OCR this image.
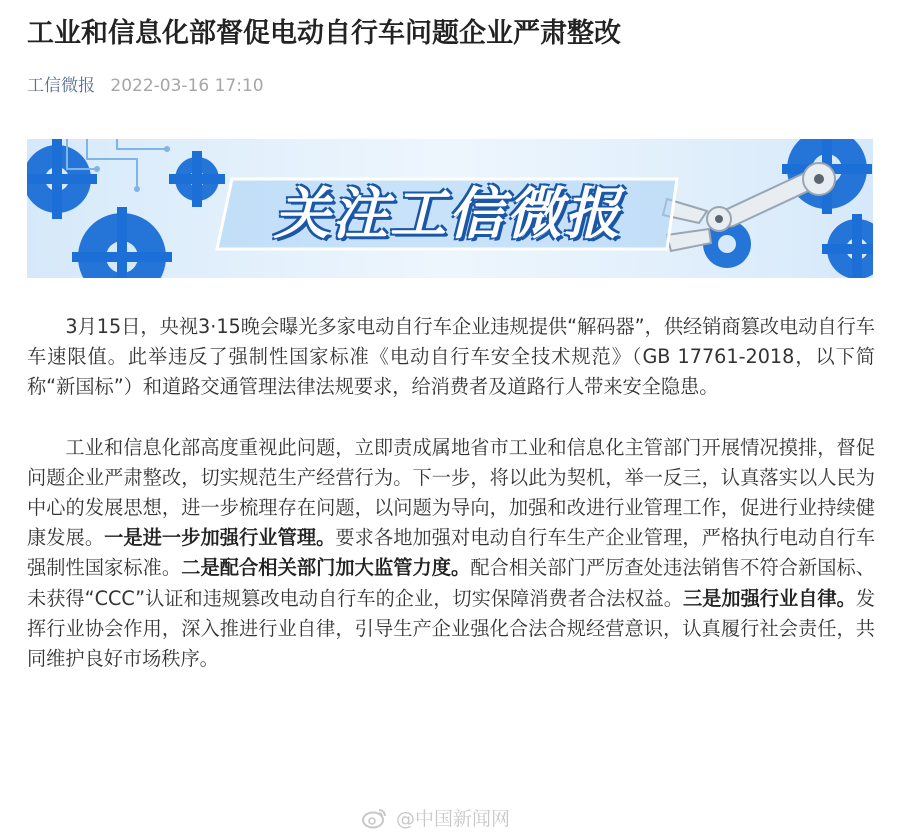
工业和信息化部督促电动自行车问题企业严肃整改
工信微报 2022-03-16 17:10
关注工信微报

3月15日，央视3·15晚会曝光多家电动自行车企业违规提供“解码器”，供经销商篡改电动自行车车速限值。此举违反了强制性国家标准《电动自行车安全技术规范》（GB 17761-2018，以下简称“新国标”）和道路交通管理法律法规要求，给消费者及道路行人带来安全隐患。

工业和信息化部高度重视此问题，立即责成属地省市工业和信息化主管部门开展情况摸排，督促问题企业严肃整改，切实规范生产经营行为。下一步，将以此为契机，举一反三，认真落实以人民为中心的发展思想，进一步梳理存在问题，以问题为导向，加强和改进行业管理工作，促进行业持续健康发展。一是进一步加强行业管理。要求各地加强对电动自行车生产企业管理，严格执行电动自行车强制性国家标准。二是配合相关部门加大监管力度。配合相关部门严厉查处违法销售不符合新国标、未获得“CCC”认证和违规篡改电动自行车的企业，切实保障消费者合法权益。三是加强行业自律。发挥行业协会作用，深入推进行业自律，引导生产企业强化合法合规经营意识，认真履行社会责任，共同维护良好市场秩序。

@中国新闻网
